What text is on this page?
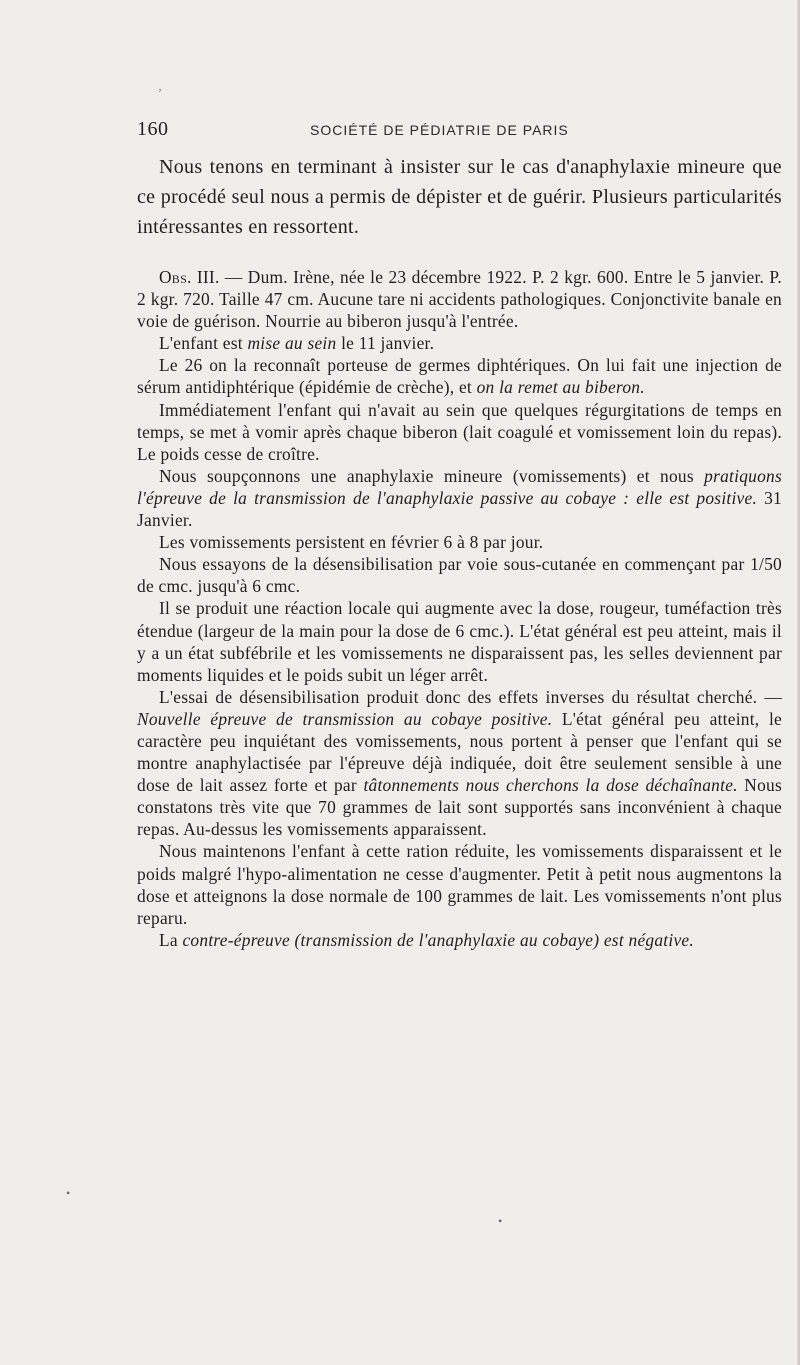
160	SOCIÉTÉ DE PÉDIATRIE DE PARIS

Nous tenons en terminant à insister sur le cas d'anaphylaxie mineure que ce procédé seul nous a permis de dépister et de guérir. Plusieurs particularités intéressantes en ressortent.

Obs. III. — Dum. Irène, née le 23 décembre 1922. P. 2 kgr. 600. Entre le 5 janvier. P. 2 kgr. 720. Taille 47 cm. Aucune tare ni accidents pathologiques. Conjonctivite banale en voie de guérison. Nourrie au biberon jusqu'à l'entrée.

L'enfant est mise au sein le 11 janvier.

Le 26 on la reconnaît porteuse de germes diphtériques. On lui fait une injection de sérum antidiphtérique (épidémie de crèche), et on la remet au biberon.

Immédiatement l'enfant qui n'avait au sein que quelques régurgitations de temps en temps, se met à vomir après chaque biberon (lait coagulé et vomissement loin du repas). Le poids cesse de croître.

Nous soupçonnons une anaphylaxie mineure (vomissements) et nous pratiquons l'épreuve de la transmission de l'anaphylaxie passive au cobaye : elle est positive. 31 Janvier.

Les vomissements persistent en février 6 à 8 par jour.

Nous essayons de la désensibilisation par voie sous-cutanée en commençant par 1/50 de cmc. jusqu'à 6 cmc.

Il se produit une réaction locale qui augmente avec la dose, rougeur, tuméfaction très étendue (largeur de la main pour la dose de 6 cmc.). L'état général est peu atteint, mais il y a un état subfébrile et les vomissements ne disparaissent pas, les selles deviennent par moments liquides et le poids subit un léger arrêt.

L'essai de désensibilisation produit donc des effets inverses du résultat cherché. — Nouvelle épreuve de transmission au cobaye positive. L'état général peu atteint, le caractère peu inquiétant des vomissements, nous portent à penser que l'enfant qui se montre anaphylactisée par l'épreuve déjà indiquée, doit être seulement sensible à une dose de lait assez forte et par tâtonnements nous cherchons la dose déchaînante. Nous constatons très vite que 70 grammes de lait sont supportés sans inconvénient à chaque repas. Au-dessus les vomissements apparaissent.

Nous maintenons l'enfant à cette ration réduite, les vomissements disparaissent et le poids malgré l'hypo-alimentation ne cesse d'augmenter. Petit à petit nous augmentons la dose et atteignons la dose normale de 100 grammes de lait. Les vomissements n'ont plus reparu.

La contre-épreuve (transmission de l'anaphylaxie au cobaye) est négative.

ʼ
•
•
